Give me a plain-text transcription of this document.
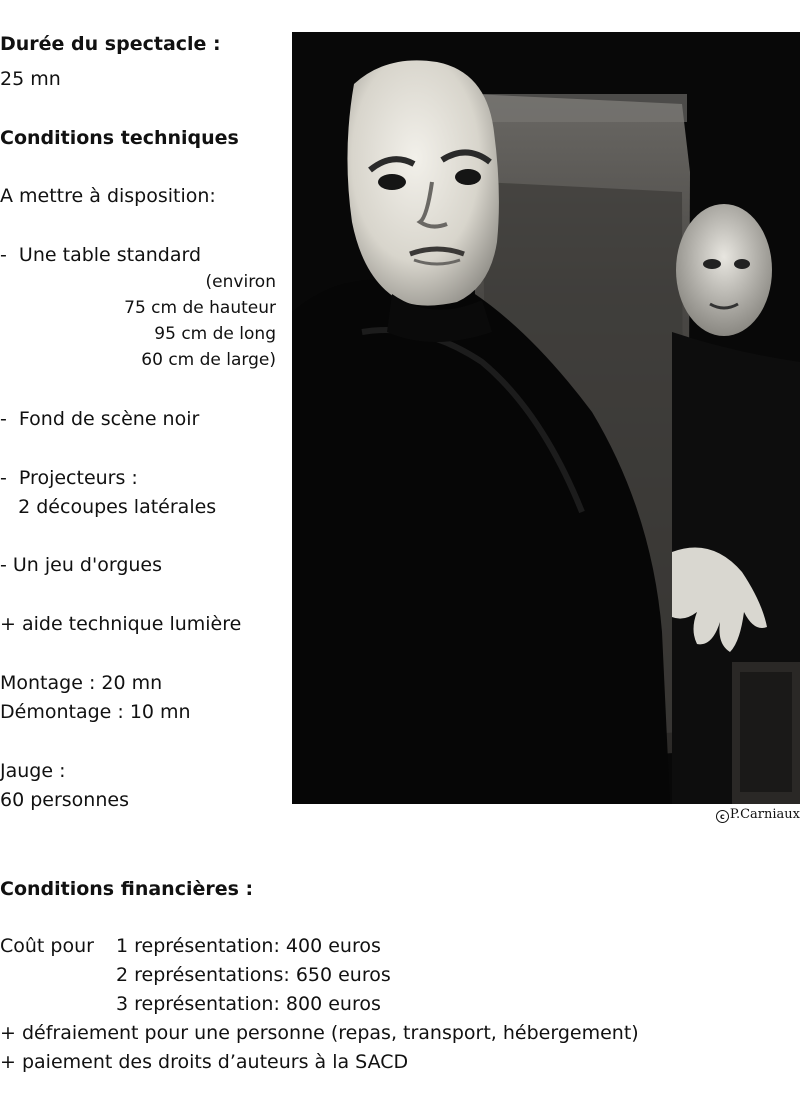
Durée du spectacle :

25 mn

Conditions techniques

A mettre à disposition:

-  Une table standard

(environ
75 cm de hauteur
95 cm de long
60 cm de large)

-  Fond de scène noir

-  Projecteurs :

2 découpes latérales

- Un jeu d'orgues

+ aide technique lumière

Montage : 20 mn

Démontage : 10 mn

Jauge :

60 personnes

c P.Carniaux

Conditions financières :

Coût pour 1 représentation: 400 euros

2 représentations: 650 euros

3 représentation: 800 euros

+ défraiement pour une personne (repas, transport, hébergement)

+ paiement des droits d’auteurs à la SACD
